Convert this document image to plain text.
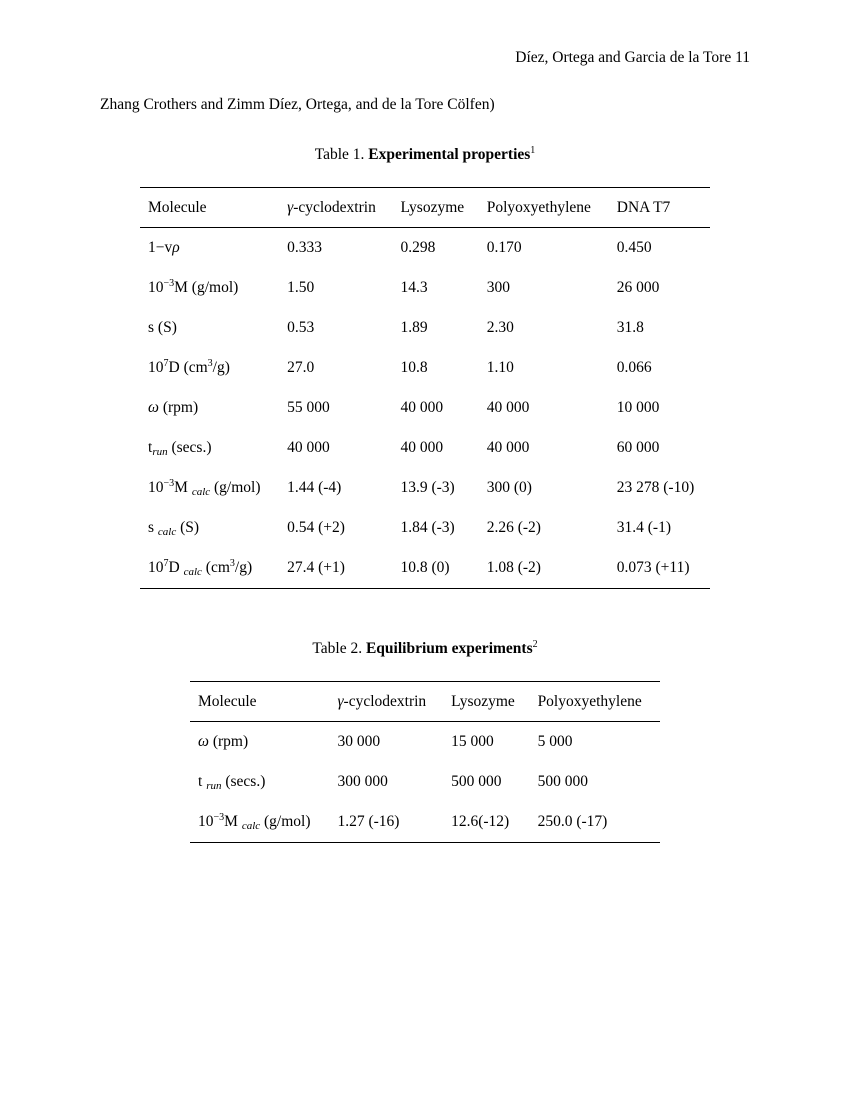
Díez, Ortega and Garcia de la Tore 11
Zhang Crothers and Zimm Díez, Ortega, and de la Tore Cölfen)
Table 1. Experimental properties$^1$
Molecule	γ-cyclodextrin	Lysozyme	Polyoxyethylene	DNA T7
1−vρ	0.333	0.298	0.170	0.450
$10^{-3}M$ (g/mol)	1.50	14.3	300	26 000
s (S)	0.53	1.89	2.30	31.8
$10^7D$ $(cm^3/g)$	27.0	10.8	1.10	0.066
ω (rpm)	55 000	40 000	40 000	10 000
trun (secs.)	40 000	40 000	40 000	60 000
$10^{-3}M$ calc (g/mol)	1.44 (-4)	13.9 (-3)	300 (0)	23 278 (-10)
s calc (S)	0.54 (+2)	1.84 (-3)	2.26 (-2)	31.4 (-1)
$10^7D$ calc $(cm^3/g)$	27.4 (+1)	10.8 (0)	1.08 (-2)	0.073 (+11)
Table 2. Equilibrium experiments$^2$
Molecule	γ-cyclodextrin	Lysozyme	Polyoxyethylene
ω (rpm)	30 000	15 000	5 000
t run (secs.)	300 000	500 000	500 000
$10^{-3}M$ calc (g/mol)	1.27 (-16)	12.6(-12)	250.0 (-17)
